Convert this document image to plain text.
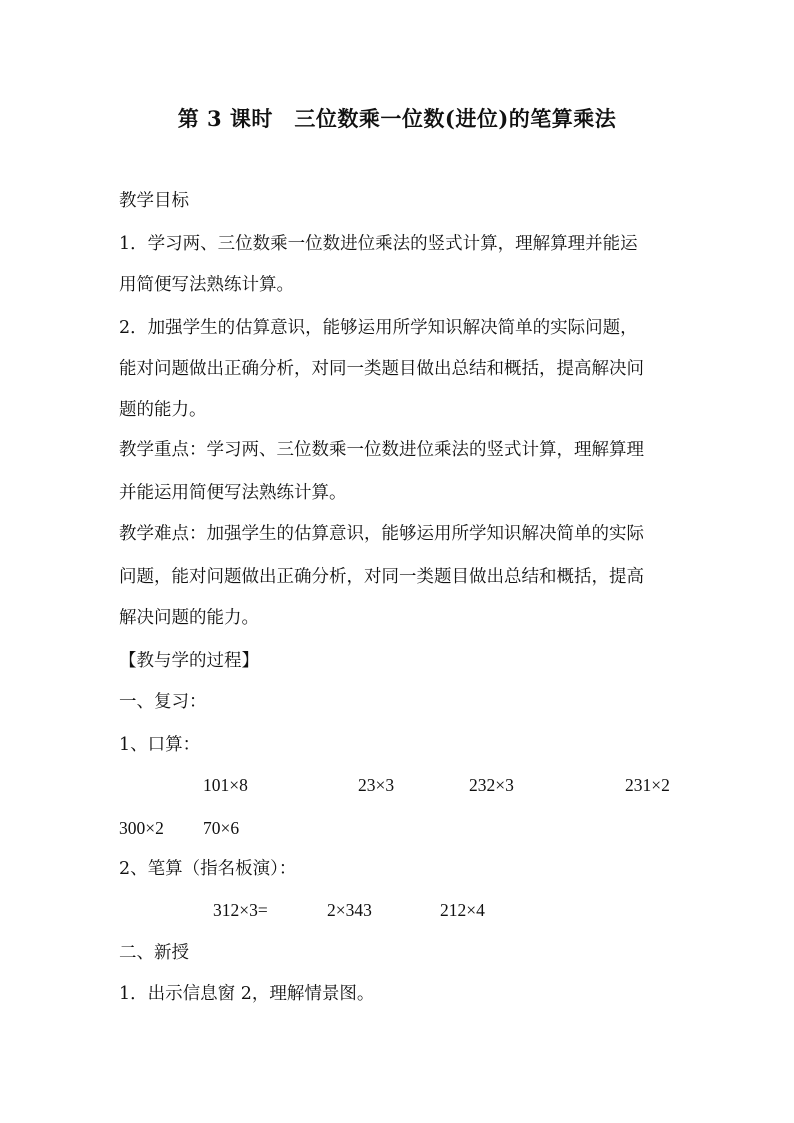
第 3 课时　三位数乘一位数(进位)的笔算乘法
教学目标
1．学习两、三位数乘一位数进位乘法的竖式计算，理解算理并能运
用简便写法熟练计算。
2．加强学生的估算意识，能够运用所学知识解决简单的实际问题，
能对问题做出正确分析，对同一类题目做出总结和概括，提高解决问
题的能力。
教学重点：学习两、三位数乘一位数进位乘法的竖式计算，理解算理
并能运用简便写法熟练计算。
教学难点：加强学生的估算意识，能够运用所学知识解决简单的实际
问题，能对问题做出正确分析，对同一类题目做出总结和概括，提高
解决问题的能力。
【教与学的过程】
一、复习：
1、口算：
101×8	23×3	232×3	231×2
300×2 70×6
2、笔算（指名板演）：
312×3=	2×343	212×4
二、新授
1．出示信息窗 2，理解情景图。
